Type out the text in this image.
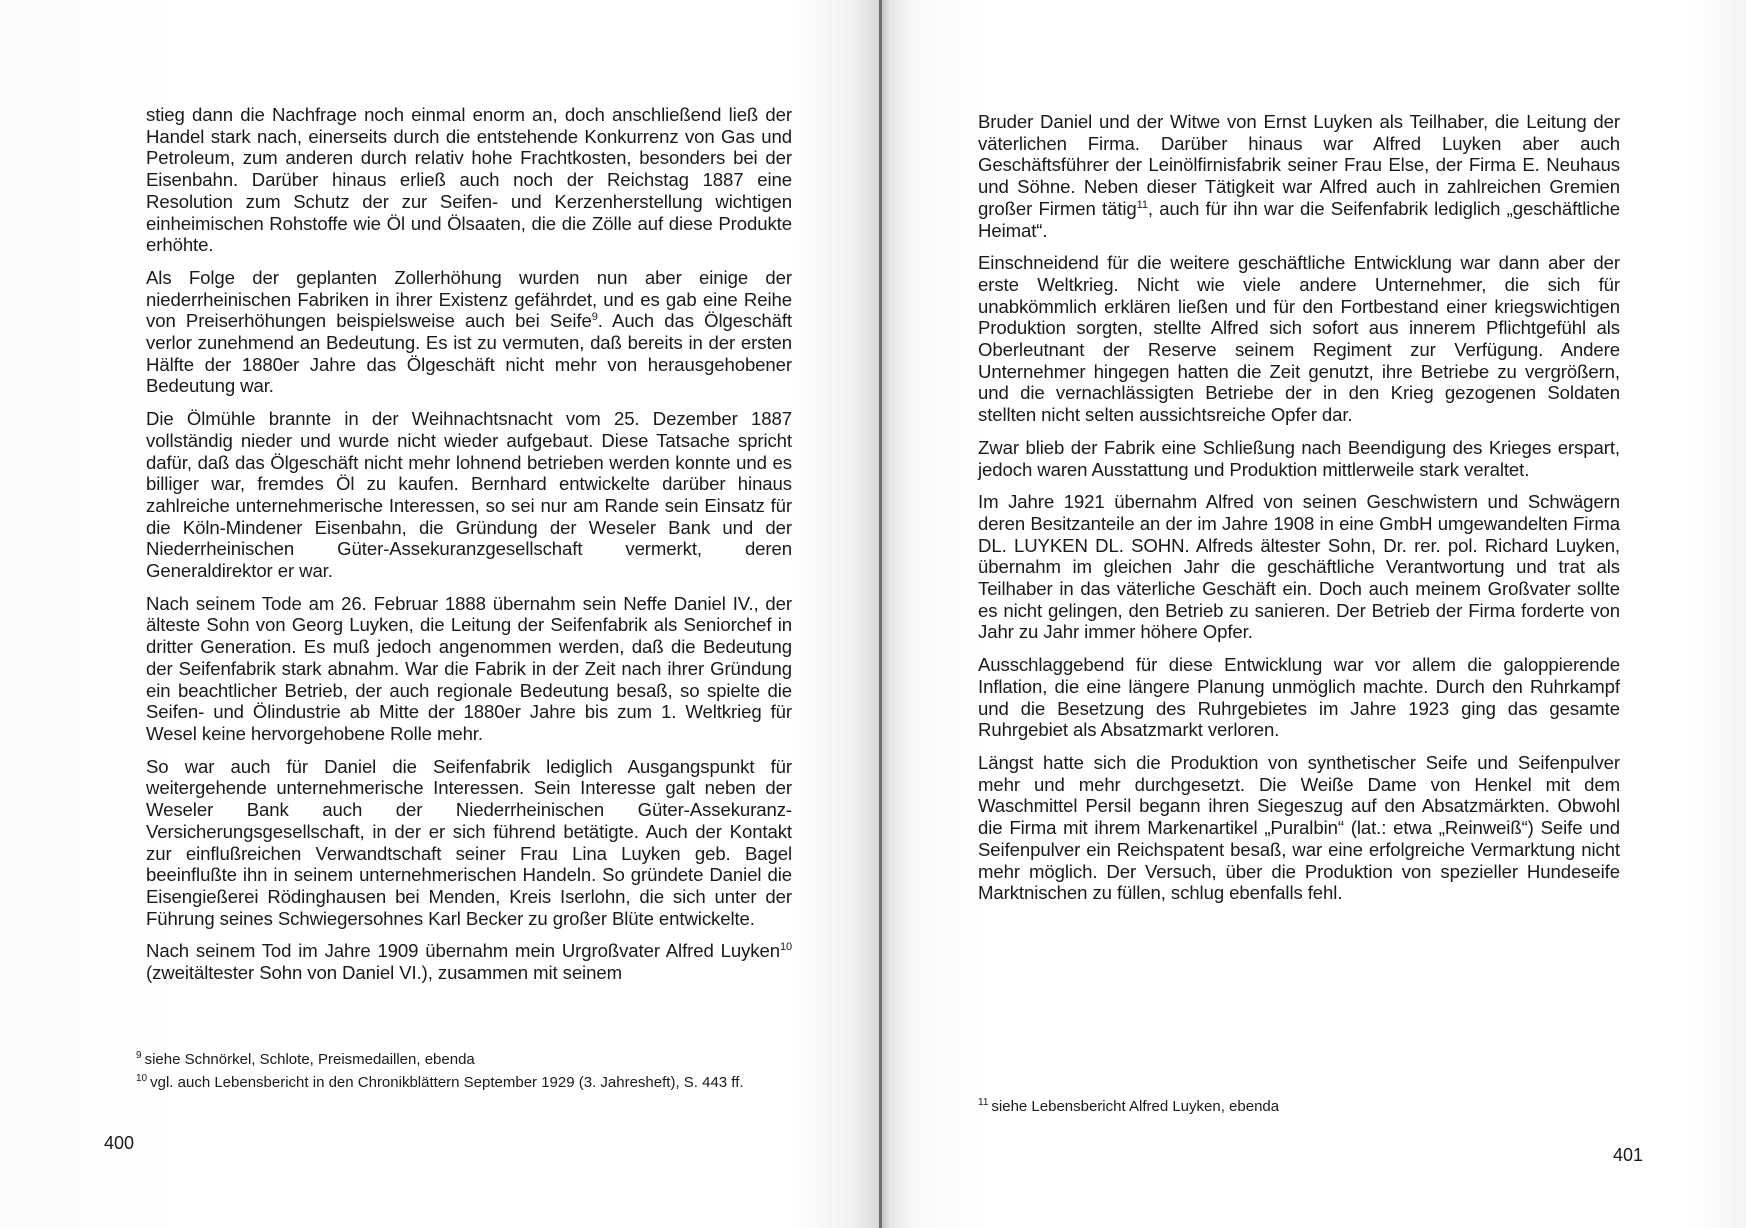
stieg dann die Nachfrage noch einmal enorm an, doch anschließend ließ der Handel stark nach, einerseits durch die entstehende Konkurrenz von Gas und Petroleum, zum anderen durch relativ hohe Frachtkosten, besonders bei der Eisenbahn. Darüber hinaus erließ auch noch der Reichstag 1887 eine Resolution zum Schutz der zur Seifen- und Kerzenherstellung wichtigen einheimischen Rohstoffe wie Öl und Ölsaaten, die die Zölle auf diese Produkte erhöhte.

Als Folge der geplanten Zollerhöhung wurden nun aber einige der niederrheinischen Fabriken in ihrer Existenz gefährdet, und es gab eine Reihe von Preiserhöhungen beispielsweise auch bei Seife$^9$. Auch das Ölgeschäft verlor zunehmend an Bedeutung. Es ist zu vermuten, daß bereits in der ersten Hälfte der 1880er Jahre das Ölgeschäft nicht mehr von herausgehobener Bedeutung war.

Die Ölmühle brannte in der Weihnachtsnacht vom 25. Dezember 1887 vollständig nieder und wurde nicht wieder aufgebaut. Diese Tatsache spricht dafür, daß das Ölgeschäft nicht mehr lohnend betrieben werden konnte und es billiger war, fremdes Öl zu kaufen. Bernhard entwickelte darüber hinaus zahlreiche unternehmerische Interessen, so sei nur am Rande sein Einsatz für die Köln-Mindener Eisenbahn, die Gründung der Weseler Bank und der Niederrheinischen Güter-Assekuranzgesellschaft vermerkt, deren Generaldirektor er war.

Nach seinem Tode am 26. Februar 1888 übernahm sein Neffe Daniel IV., der älteste Sohn von Georg Luyken, die Leitung der Seifenfabrik als Seniorchef in dritter Generation. Es muß jedoch angenommen werden, daß die Bedeutung der Seifenfabrik stark abnahm. War die Fabrik in der Zeit nach ihrer Gründung ein beachtlicher Betrieb, der auch regionale Bedeutung besaß, so spielte die Seifen- und Ölindustrie ab Mitte der 1880er Jahre bis zum 1. Weltkrieg für Wesel keine hervorgehobene Rolle mehr.

So war auch für Daniel die Seifenfabrik lediglich Ausgangspunkt für weitergehende unternehmerische Interessen. Sein Interesse galt neben der Weseler Bank auch der Niederrheinischen Güter-Assekuranz-Versicherungsgesellschaft, in der er sich führend betätigte. Auch der Kontakt zur einflußreichen Verwandtschaft seiner Frau Lina Luyken geb. Bagel beeinflußte ihn in seinem unternehmerischen Handeln. So gründete Daniel die Eisengießerei Rödinghausen bei Menden, Kreis Iserlohn, die sich unter der Führung seines Schwiegersohnes Karl Becker zu großer Blüte entwickelte.

Nach seinem Tod im Jahre 1909 übernahm mein Urgroßvater Alfred Luyken$^{10}$ (zweitältester Sohn von Daniel VI.), zusammen mit seinem

$^9$ siehe Schnörkel, Schlote, Preismedaillen, ebenda
$^{10}$ vgl. auch Lebensbericht in den Chronikblättern September 1929 (3. Jahresheft), S. 443 ff.
400

Bruder Daniel und der Witwe von Ernst Luyken als Teilhaber, die Leitung der väterlichen Firma. Darüber hinaus war Alfred Luyken aber auch Geschäftsführer der Leinölfirnisfabrik seiner Frau Else, der Firma E. Neuhaus und Söhne. Neben dieser Tätigkeit war Alfred auch in zahlreichen Gremien großer Firmen tätig$^{11}$, auch für ihn war die Seifenfabrik lediglich „geschäftliche Heimat“.

Einschneidend für die weitere geschäftliche Entwicklung war dann aber der erste Weltkrieg. Nicht wie viele andere Unternehmer, die sich für unabkömmlich erklären ließen und für den Fortbestand einer kriegswichtigen Produktion sorgten, stellte Alfred sich sofort aus innerem Pflichtgefühl als Oberleutnant der Reserve seinem Regiment zur Verfügung. Andere Unternehmer hingegen hatten die Zeit genutzt, ihre Betriebe zu vergrößern, und die vernachlässigten Betriebe der in den Krieg gezogenen Soldaten stellten nicht selten aussichtsreiche Opfer dar.

Zwar blieb der Fabrik eine Schließung nach Beendigung des Krieges erspart, jedoch waren Ausstattung und Produktion mittlerweile stark veraltet.

Im Jahre 1921 übernahm Alfred von seinen Geschwistern und Schwägern deren Besitzanteile an der im Jahre 1908 in eine GmbH umgewandelten Firma DL. LUYKEN DL. SOHN. Alfreds ältester Sohn, Dr. rer. pol. Richard Luyken, übernahm im gleichen Jahr die geschäftliche Verantwortung und trat als Teilhaber in das väterliche Geschäft ein. Doch auch meinem Großvater sollte es nicht gelingen, den Betrieb zu sanieren. Der Betrieb der Firma forderte von Jahr zu Jahr immer höhere Opfer.

Ausschlaggebend für diese Entwicklung war vor allem die galoppierende Inflation, die eine längere Planung unmöglich machte. Durch den Ruhrkampf und die Besetzung des Ruhrgebietes im Jahre 1923 ging das gesamte Ruhrgebiet als Absatzmarkt verloren.

Längst hatte sich die Produktion von synthetischer Seife und Seifenpulver mehr und mehr durchgesetzt. Die Weiße Dame von Henkel mit dem Waschmittel Persil begann ihren Siegeszug auf den Absatzmärkten. Obwohl die Firma mit ihrem Markenartikel „Puralbin“ (lat.: etwa „Reinweiß“) Seife und Seifenpulver ein Reichspatent besaß, war eine erfolgreiche Vermarktung nicht mehr möglich. Der Versuch, über die Produktion von spezieller Hundeseife Marktnischen zu füllen, schlug ebenfalls fehl.

$^{11}$ siehe Lebensbericht Alfred Luyken, ebenda
401
